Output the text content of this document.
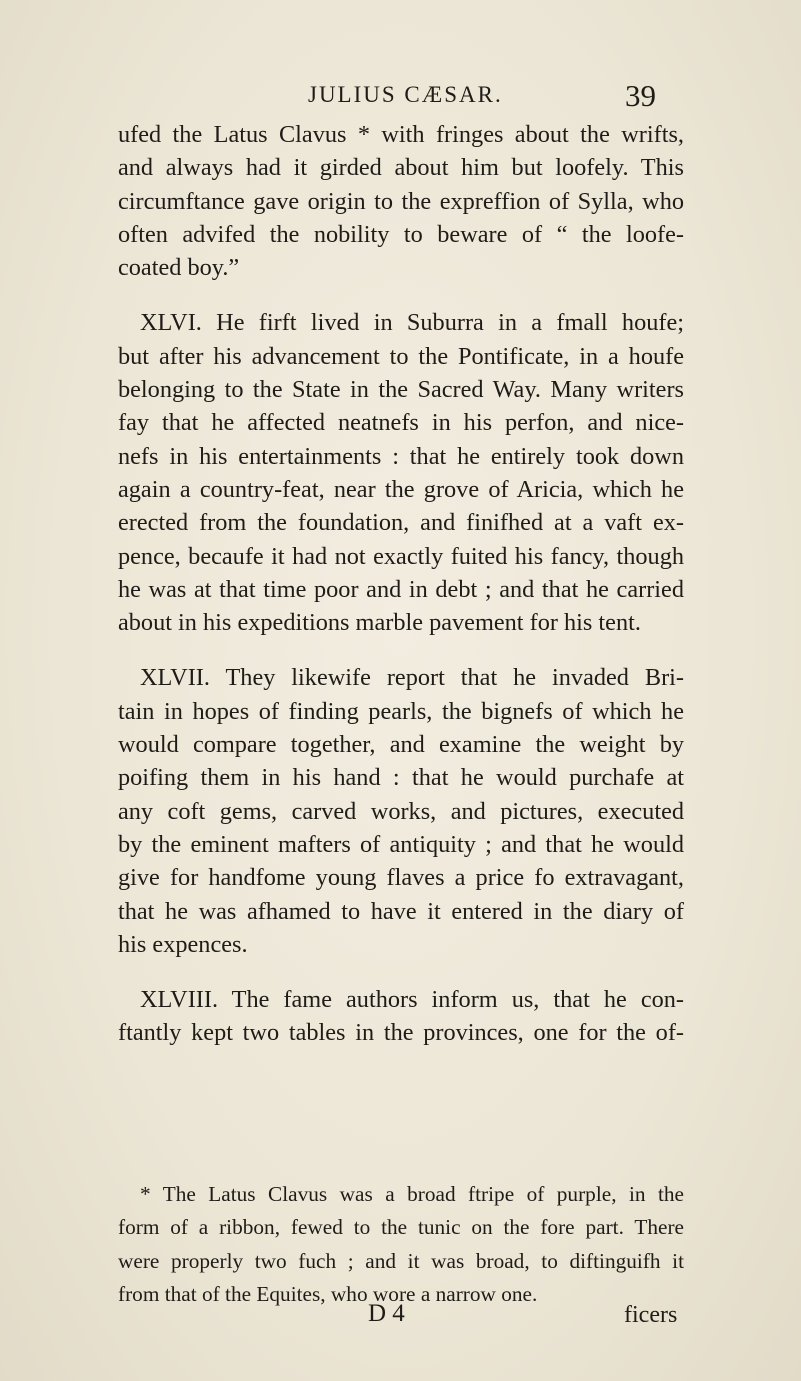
JULIUS CÆSAR.	39
ufed the Latus Clavus * with fringes about the wrifts,
and always had it girded about him but loofely. This
circumftance gave origin to the expreffion of Sylla, who
often advifed the nobility to beware of “ the loofe-
coated boy.”
XLVI. He firft lived in Suburra in a fmall houfe;
but after his advancement to the Pontificate, in a houfe
belonging to the State in the Sacred Way. Many writers
fay that he affected neatnefs in his perfon, and nice-
nefs in his entertainments : that he entirely took down
again a country-feat, near the grove of Aricia, which he
erected from the foundation, and finifhed at a vaft ex-
pence, becaufe it had not exactly fuited his fancy, though
he was at that time poor and in debt ; and that he carried
about in his expeditions marble pavement for his tent.
XLVII. They likewife report that he invaded Bri-
tain in hopes of finding pearls, the bignefs of which he
would compare together, and examine the weight by
poifing them in his hand : that he would purchafe at
any coft gems, carved works, and pictures, executed
by the eminent mafters of antiquity ; and that he would
give for handfome young flaves a price fo extravagant,
that he was afhamed to have it entered in the diary of
his expences.
XLVIII. The fame authors inform us, that he con-
ftantly kept two tables in the provinces, one for the of-
* The Latus Clavus was a broad ftripe of purple, in the
form of a ribbon, fewed to the tunic on the fore part. There
were properly two fuch ; and it was broad, to diftinguifh it
from that of the Equites, who wore a narrow one.
D 4	ficers
